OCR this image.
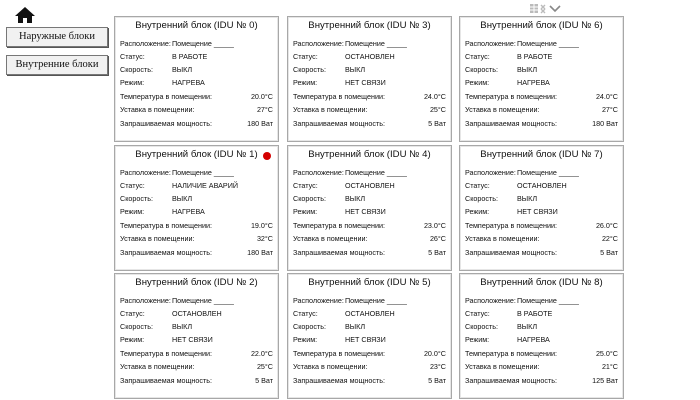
Наружные блоки
Внутренние блоки
Внутренний блок (IDU № 0)
Расположение: Помещение _____
Статус:	В РАБОТЕ
Скорость:	ВЫКЛ
Режим:	НАГРЕВА
Температура в помещении:	20.0°C
Уставка в помещении:	27°C
Запрашиваемая мощность:	180 Ват
Внутренний блок (IDU № 3)
Расположение: Помещение _____
Статус:	ОСТАНОВЛЕН
Скорость:	ВЫКЛ
Режим:	НЕТ СВЯЗИ
Температура в помещении:	24.0°C
Уставка в помещении:	25°C
Запрашиваемая мощность:	5 Ват
Внутренний блок (IDU № 6)
Расположение: Помещение _____
Статус:	В РАБОТЕ
Скорость:	ВЫКЛ
Режим:	НАГРЕВА
Температура в помещении:	24.0°C
Уставка в помещении:	27°C
Запрашиваемая мощность:	180 Ват
Внутренний блок (IDU № 1)
Расположение: Помещение _____
Статус:	НАЛИЧИЕ АВАРИЙ
Скорость:	ВЫКЛ
Режим:	НАГРЕВА
Температура в помещении:	19.0°C
Уставка в помещении:	32°C
Запрашиваемая мощность:	180 Ват
Внутренний блок (IDU № 4)
Расположение: Помещение _____
Статус:	ОСТАНОВЛЕН
Скорость:	ВЫКЛ
Режим:	НЕТ СВЯЗИ
Температура в помещении:	23.0°C
Уставка в помещении:	26°C
Запрашиваемая мощность:	5 Ват
Внутренний блок (IDU № 7)
Расположение: Помещение _____
Статус:	ОСТАНОВЛЕН
Скорость:	ВЫКЛ
Режим:	НЕТ СВЯЗИ
Температура в помещении:	26.0°C
Уставка в помещении:	22°C
Запрашиваемая мощность:	5 Ват
Внутренний блок (IDU № 2)
Расположение: Помещение _____
Статус:	ОСТАНОВЛЕН
Скорость:	ВЫКЛ
Режим:	НЕТ СВЯЗИ
Температура в помещении:	22.0°C
Уставка в помещении:	25°C
Запрашиваемая мощность:	5 Ват
Внутренний блок (IDU № 5)
Расположение: Помещение _____
Статус:	ОСТАНОВЛЕН
Скорость:	ВЫКЛ
Режим:	НЕТ СВЯЗИ
Температура в помещении:	20.0°C
Уставка в помещении:	23°C
Запрашиваемая мощность:	5 Ват
Внутренний блок (IDU № 8)
Расположение: Помещение _____
Статус:	В РАБОТЕ
Скорость:	ВЫКЛ
Режим:	НАГРЕВА
Температура в помещении:	25.0°C
Уставка в помещении:	21°C
Запрашиваемая мощность:	125 Ват
